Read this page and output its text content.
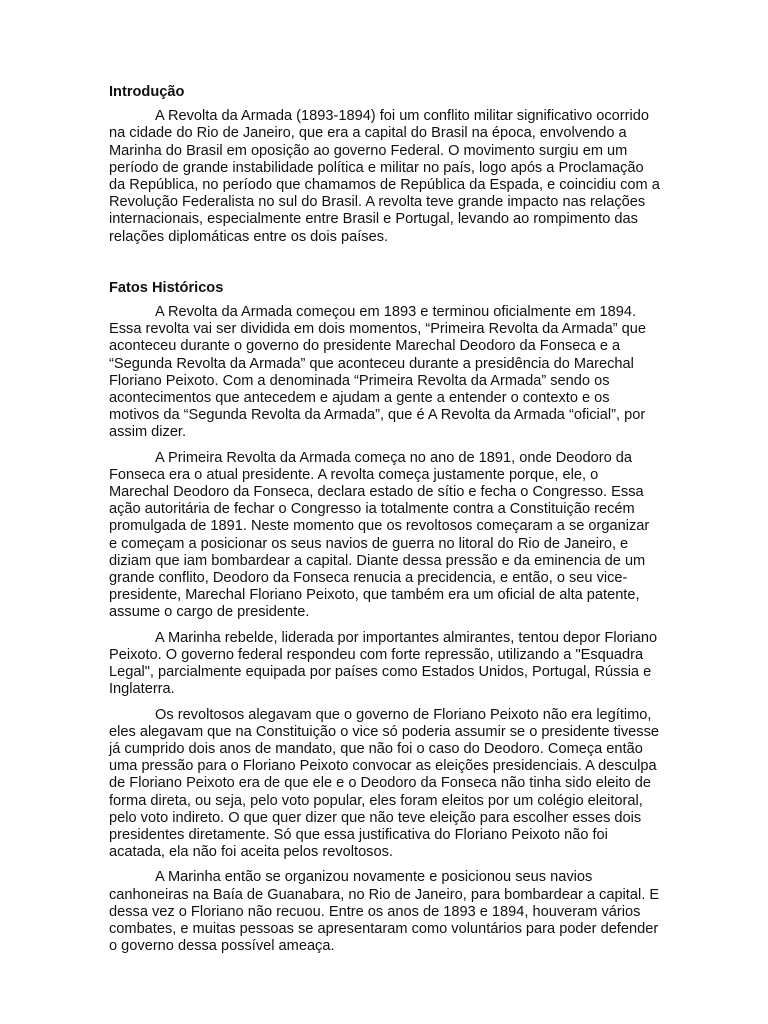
Introdução

A Revolta da Armada (1893-1894) foi um conflito militar significativo ocorrido na cidade do Rio de Janeiro, que era a capital do Brasil na época, envolvendo a Marinha do Brasil em oposição ao governo Federal. O movimento surgiu em um período de grande instabilidade política e militar no país, logo após a Proclamação da República, no período que chamamos de República da Espada, e coincidiu com a Revolução Federalista no sul do Brasil. A revolta teve grande impacto nas relações internacionais, especialmente entre Brasil e Portugal, levando ao rompimento das relações diplomáticas entre os dois países.

Fatos Históricos

A Revolta da Armada começou em 1893 e terminou oficialmente em 1894. Essa revolta vai ser dividida em dois momentos, “Primeira Revolta da Armada” que aconteceu durante o governo do presidente Marechal Deodoro da Fonseca e a “Segunda Revolta da Armada” que aconteceu durante a presidência do Marechal Floriano Peixoto. Com a denominada “Primeira Revolta da Armada” sendo os acontecimentos que antecedem e ajudam a gente a entender o contexto e os motivos da “Segunda Revolta da Armada”, que é A Revolta da Armada “oficial”, por assim dizer.

A Primeira Revolta da Armada começa no ano de 1891, onde Deodoro da Fonseca era o atual presidente. A revolta começa justamente porque, ele, o Marechal Deodoro da Fonseca, declara estado de sítio e fecha o Congresso. Essa ação autoritária de fechar o Congresso ia totalmente contra a Constituição recém promulgada de 1891. Neste momento que os revoltosos começaram a se organizar e começam a posicionar os seus navios de guerra no litoral do Rio de Janeiro, e diziam que iam bombardear a capital. Diante dessa pressão e da eminencia de um grande conflito, Deodoro da Fonseca renucia a precidencia, e então, o seu vice-presidente, Marechal Floriano Peixoto, que também era um oficial de alta patente, assume o cargo de presidente.

A Marinha rebelde, liderada por importantes almirantes, tentou depor Floriano Peixoto. O governo federal respondeu com forte repressão, utilizando a "Esquadra Legal", parcialmente equipada por países como Estados Unidos, Portugal, Rússia e Inglaterra.

Os revoltosos alegavam que o governo de Floriano Peixoto não era legítimo, eles alegavam que na Constituição o vice só poderia assumir se o presidente tivesse já cumprido dois anos de mandato, que não foi o caso do Deodoro. Começa então uma pressão para o Floriano Peixoto convocar as eleições presidenciais. A desculpa de Floriano Peixoto era de que ele e o Deodoro da Fonseca não tinha sido eleito de forma direta, ou seja, pelo voto popular, eles foram eleitos por um colégio eleitoral, pelo voto indireto. O que quer dizer que não teve eleição para escolher esses dois presidentes diretamente. Só que essa justificativa do Floriano Peixoto não foi acatada, ela não foi aceita pelos revoltosos.

A Marinha então se organizou novamente e posicionou seus navios canhoneiras na Baía de Guanabara, no Rio de Janeiro, para bombardear a capital. E dessa vez o Floriano não recuou. Entre os anos de 1893 e 1894, houveram vários combates, e muitas pessoas se apresentaram como voluntários para poder defender o governo dessa possível ameaça.
